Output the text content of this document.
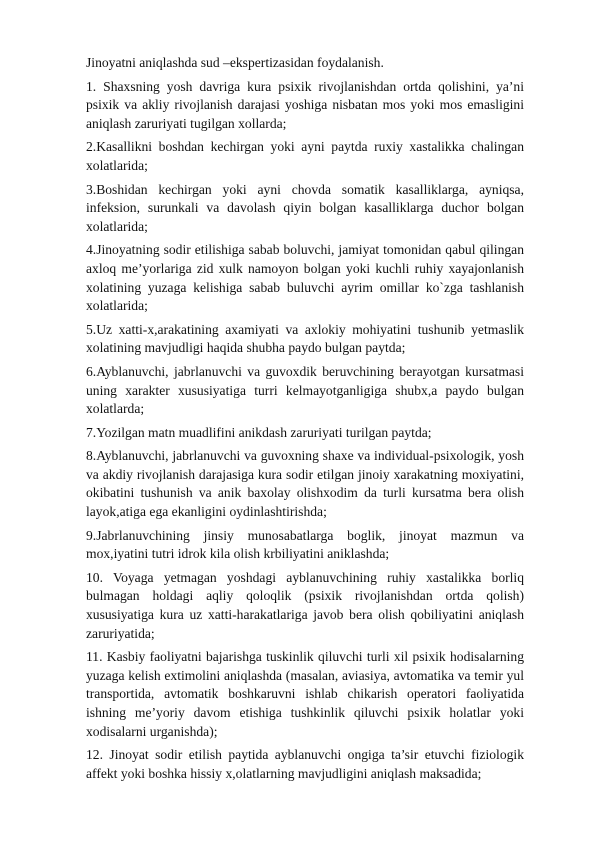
Jinoyatni aniqlashda sud –ekspertizasidan foydalanish.

1. Shaxsning yosh davriga kura psixik rivojlanishdan ortda qolishini, ya’ni psixik va akliy rivojlanish darajasi yoshiga nisbatan mos yoki mos emasligini aniqlash zaruriyati tugilgan xollarda;

2.Kasallikni boshdan kechirgan yoki ayni paytda ruxiy xastalikka chalingan xolatlarida;

3.Boshidan kechirgan yoki ayni chovda somatik kasalliklarga, ayniqsa, infeksion, surunkali va davolash qiyin bolgan kasalliklarga duchor bolgan xolatlarida;

4.Jinoyatning sodir etilishiga sabab boluvchi, jamiyat tomonidan qabul qilingan axloq me’yorlariga zid xulk namoyon bolgan yoki kuchli ruhiy xayajonlanish xolatining yuzaga kelishiga sabab buluvchi ayrim omillar ko`zga tashlanish xolatlarida;

5.Uz xatti-x,arakatining axamiyati va axlokiy mohiyatini tushunib yetmaslik xolatining mavjudligi haqida shubha paydo bulgan paytda;

6.Ayblanuvchi, jabrlanuvchi va guvoxdik beruvchining berayotgan kursatmasi uning xarakter xususiyatiga turri kelmayotganligiga shubx,a paydo bulgan xolatlarda;

7.Yozilgan matn muadlifini anikdash zaruriyati turilgan paytda;

8.Ayblanuvchi, jabrlanuvchi va guvoxning shaxe va individual-psixologik, yosh va akdiy rivojlanish darajasiga kura sodir etilgan jinoiy xarakatning moxiyatini, okibatini tushunish va anik baxolay olishxodim da turli kursatma bera olish layok,atiga ega ekanligini oydinlashtirishda;

9.Jabrlanuvchining jinsiy munosabatlarga boglik, jinoyat mazmun va mox,iyatini tutri idrok kila olish krbiliyatini aniklashda;

10. Voyaga yetmagan yoshdagi ayblanuvchining ruhiy xastalikka borliq bulmagan holdagi aqliy qoloqlik (psixik rivojlanishdan ortda qolish) xususiyatiga kura uz xatti-harakatlariga javob bera olish qobiliyatini aniqlash zaruriyatida;

11. Kasbiy faoliyatni bajarishga tuskinlik qiluvchi turli xil psixik hodisalarning yuzaga kelish extimolini aniqlashda (masalan, aviasiya, avtomatika va temir yul transportida, avtomatik boshkaruvni ishlab chikarish operatori faoliyatida ishning me’yoriy davom etishiga tushkinlik qiluvchi psixik holatlar yoki xodisalarni urganishda);

12. Jinoyat sodir etilish paytida ayblanuvchi ongiga ta’sir etuvchi fiziologik affekt yoki boshka hissiy x,olatlarning mavjudligini aniqlash maksadida;
